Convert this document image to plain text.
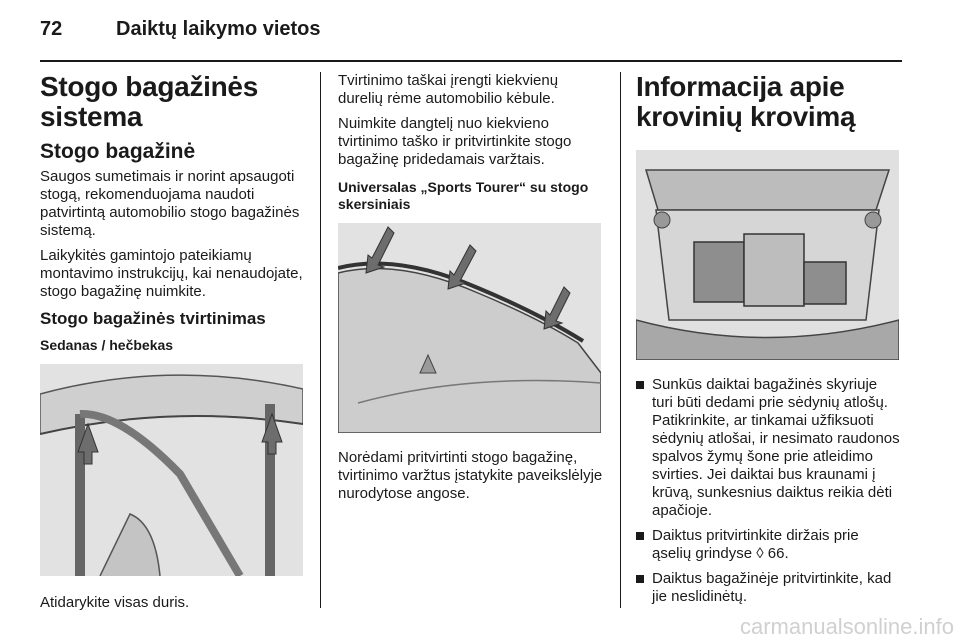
72	Daiktų laikymo vietos
Stogo bagažinės sistema
Stogo bagažinė

Saugos sumetimais ir norint apsaugoti stogą, rekomenduojama naudoti patvirtintą automobilio stogo bagažinės sistemą.

Laikykitės gamintojo pateikiamų montavimo instrukcijų, kai nenaudojate, stogo bagažinę nuimkite.

Stogo bagažinės tvirtinimas
Sedanas / hečbekas

Atidarykite visas duris.

Tvirtinimo taškai įrengti kiekvienų durelių rėme automobilio kėbule.

Nuimkite dangtelį nuo kiekvieno tvirtinimo taško ir pritvirtinkite stogo bagažinę pridedamais varžtais.

Universalas „Sports Tourer“ su stogo skersiniais

Norėdami pritvirtinti stogo bagažinę, tvirtinimo varžtus įstatykite paveikslėlyje nurodytose angose.

Informacija apie krovinių krovimą
Sunkūs daiktai bagažinės skyriuje turi būti dedami prie sėdynių atlošų. Patikrinkite, ar tinkamai užfiksuoti sėdynių atlošai, ir nesimato raudonos spalvos žymų šone prie atleidimo svirties. Jei daiktai bus kraunami į krūvą, sunkesnius daiktus reikia dėti apačioje.
Daiktus pritvirtinkite diržais prie ąselių grindyse ◊ 66.
Daiktus bagažinėje pritvirtinkite, kad jie neslidinėtų.
carmanualsonline.info
